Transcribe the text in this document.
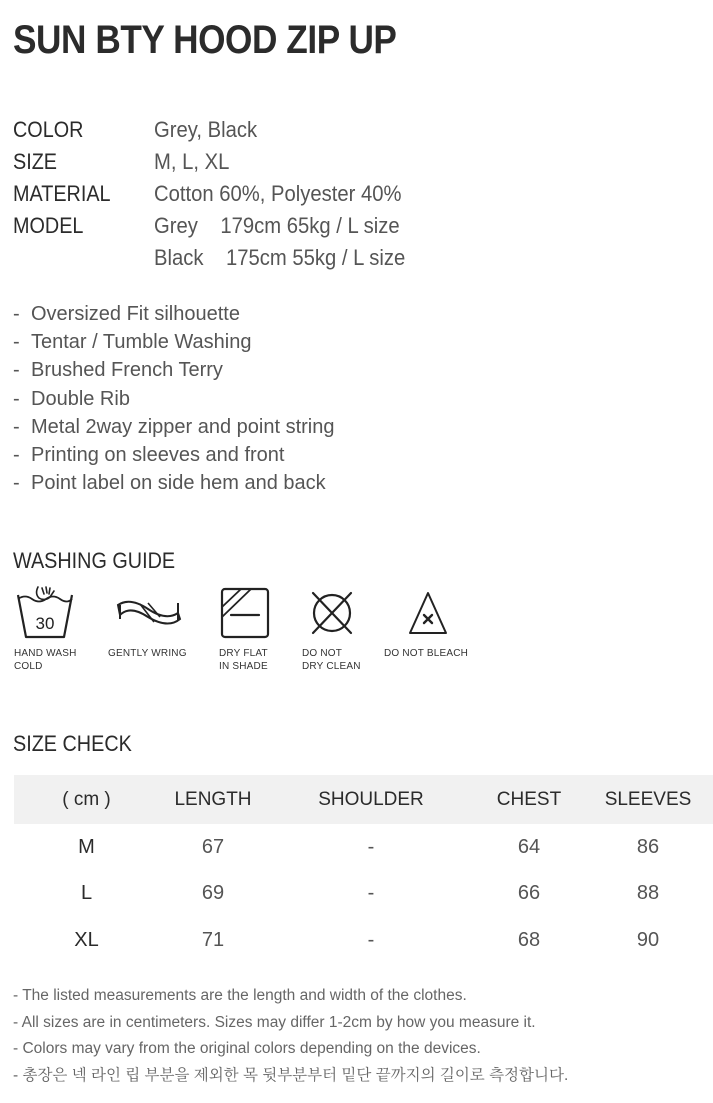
SUN BTY HOOD ZIP UP
COLOR	Grey, Black
SIZE	M, L, XL
MATERIAL	Cotton 60%, Polyester 40%
MODEL	Grey    179cm 65kg / L size
Black    175cm 55kg / L size
- Oversized Fit silhouette
- Tentar / Tumble Washing
- Brushed French Terry
- Double Rib
- Metal 2way zipper and point string
- Printing on sleeves and front
- Point label on side hem and back
WASHING GUIDE
30
HAND WASH
COLD
GENTLY WRING	DRY FLAT
IN SHADE
DO NOT
DRY CLEAN
DO NOT BLEACH
SIZE CHECK
( cm )	LENGTH	SHOULDER	CHEST	SLEEVES
M	67	-	64	86
L	69	-	66	88
XL	71	-	68	90
- The listed measurements are the length and width of the clothes.
- All sizes are in centimeters. Sizes may differ 1-2cm by how you measure it.
- Colors may vary from the original colors depending on the devices.
- 총장은 넥 라인 립 부분을 제외한 목 뒷부분부터 밑단 끝까지의 길이로 측정합니다.
